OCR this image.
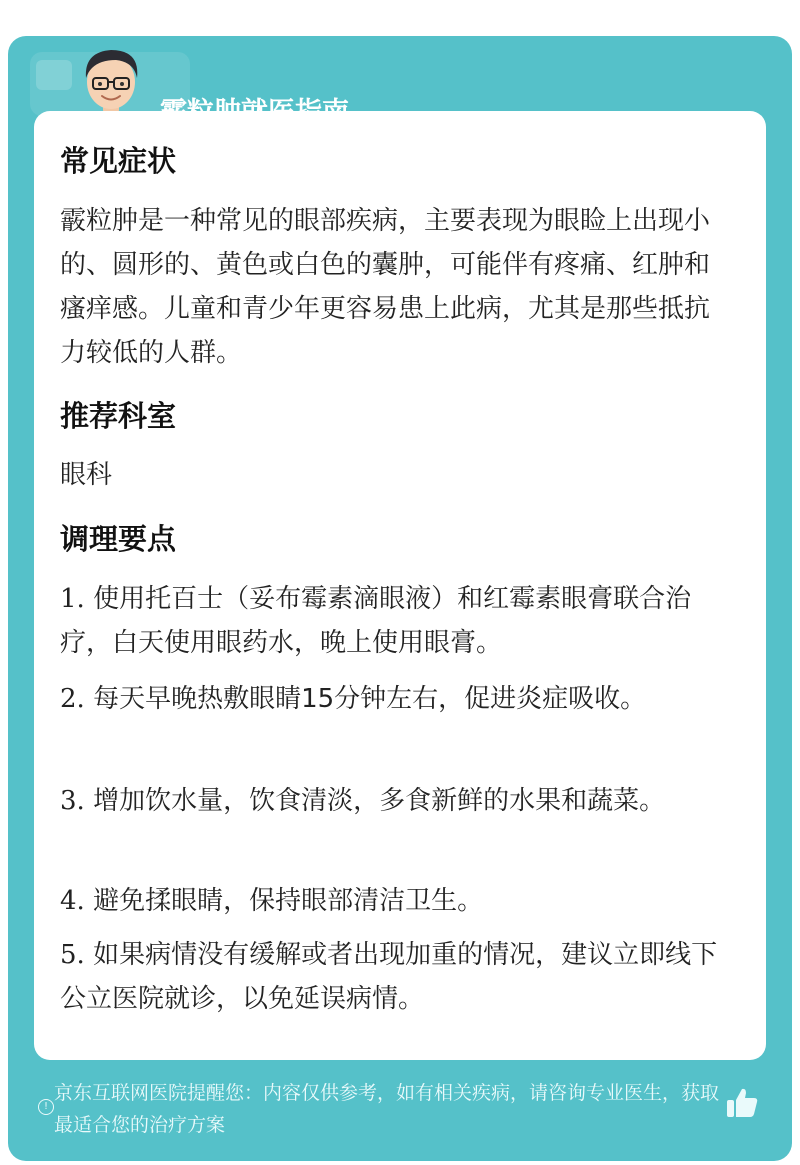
常见症状
霰粒肿是一种常见的眼部疾病，主要表现为眼睑上出现小的、圆形的、黄色或白色的囊肿，可能伴有疼痛、红肿和瘙痒感。儿童和青少年更容易患上此病，尤其是那些抵抗力较低的人群。
推荐科室
眼科
调理要点
1. 使用托百士（妥布霉素滴眼液）和红霉素眼膏联合治疗，白天使用眼药水，晚上使用眼膏。
2. 每天早晚热敷眼睛15分钟左右，促进炎症吸收。
3. 增加饮水量，饮食清淡，多食新鲜的水果和蔬菜。
4. 避免揉眼睛，保持眼部清洁卫生。
5. 如果病情没有缓解或者出现加重的情况，建议立即线下公立医院就诊，以免延误病情。
!
京东互联网医院提醒您：内容仅供参考，如有相关疾病，请咨询专业医生，获取最适合您的治疗方案
